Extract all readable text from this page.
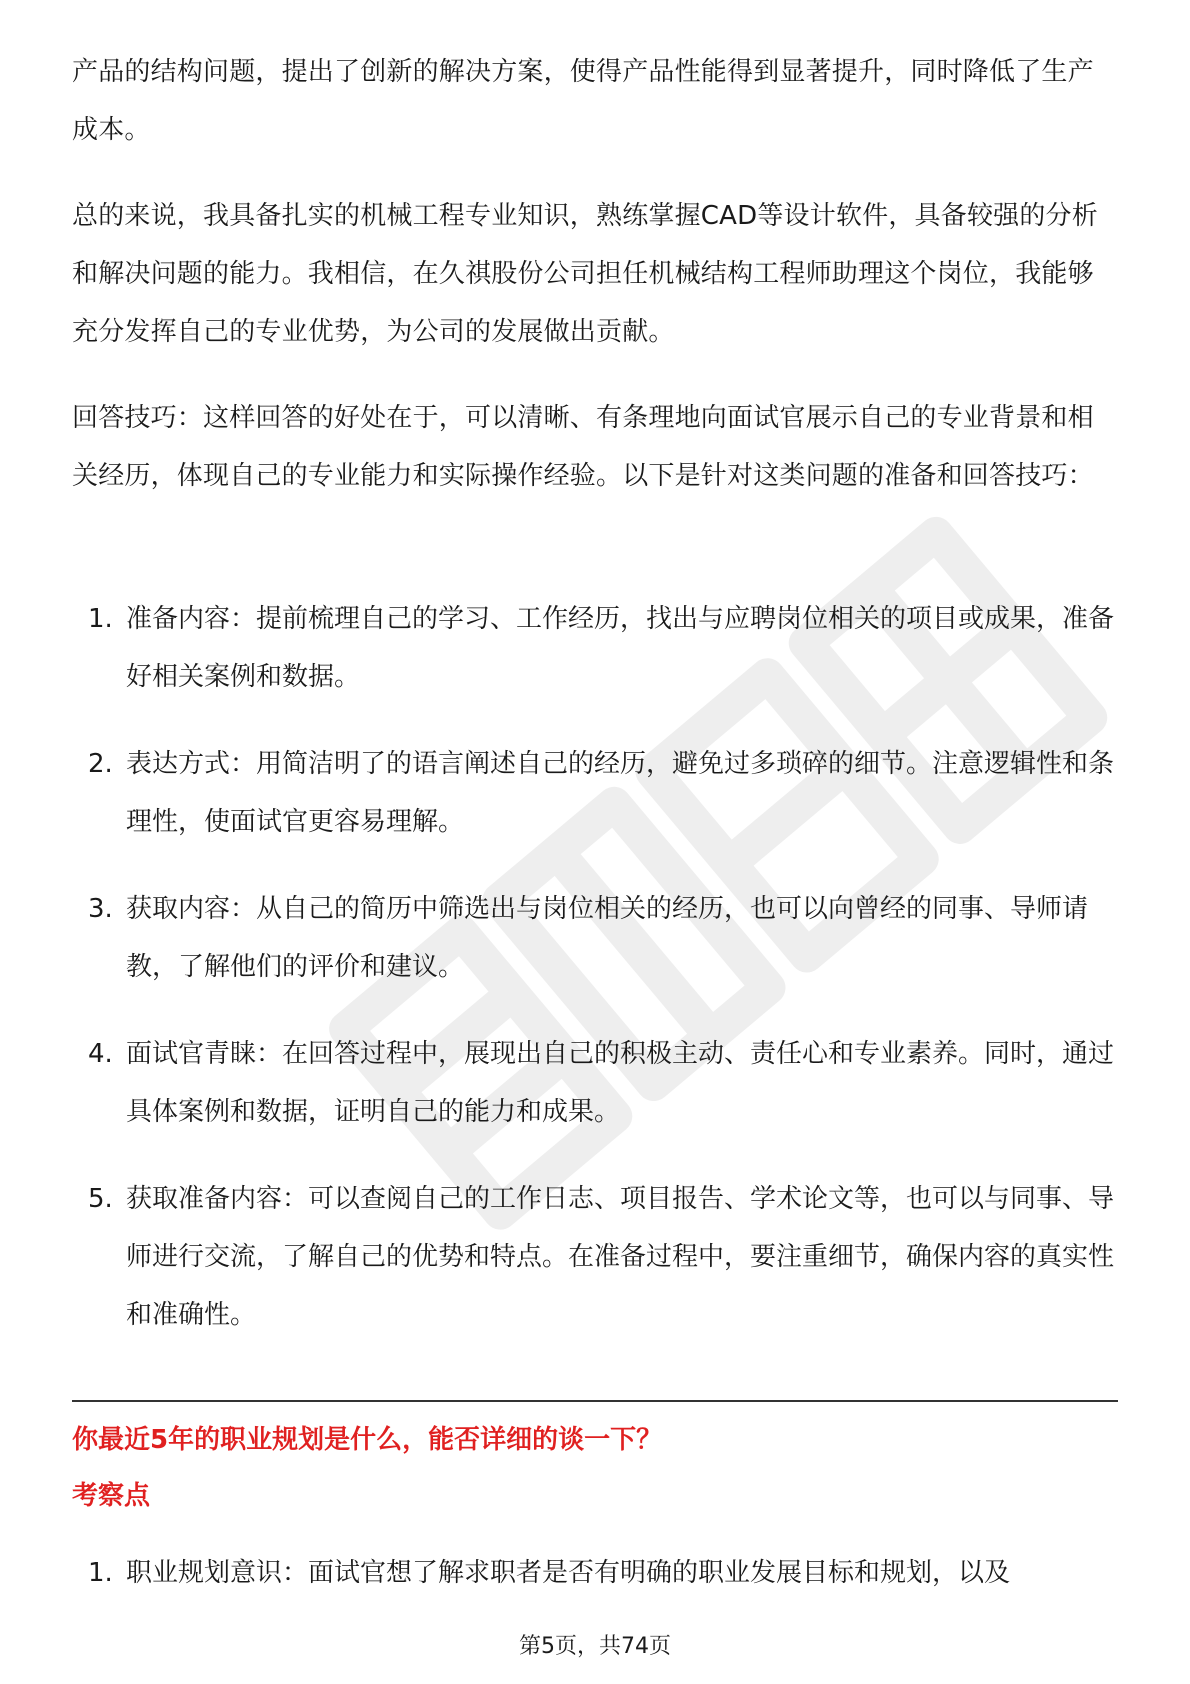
产品的结构问题，提出了创新的解决方案，使得产品性能得到显著提升，同时降低了生产成本。

总的来说，我具备扎实的机械工程专业知识，熟练掌握CAD等设计软件，具备较强的分析和解决问题的能力。我相信，在久祺股份公司担任机械结构工程师助理这个岗位，我能够充分发挥自己的专业优势，为公司的发展做出贡献。

回答技巧：这样回答的好处在于，可以清晰、有条理地向面试官展示自己的专业背景和相关经历，体现自己的专业能力和实际操作经验。以下是针对这类问题的准备和回答技巧：

1. 准备内容：提前梳理自己的学习、工作经历，找出与应聘岗位相关的项目或成果，准备好相关案例和数据。
2. 表达方式：用简洁明了的语言阐述自己的经历，避免过多琐碎的细节。注意逻辑性和条理性，使面试官更容易理解。
3. 获取内容：从自己的简历中筛选出与岗位相关的经历，也可以向曾经的同事、导师请教，了解他们的评价和建议。
4. 面试官青睐：在回答过程中，展现出自己的积极主动、责任心和专业素养。同时，通过具体案例和数据，证明自己的能力和成果。
5. 获取准备内容：可以查阅自己的工作日志、项目报告、学术论文等，也可以与同事、导师进行交流，了解自己的优势和特点。在准备过程中，要注重细节，确保内容的真实性和准确性。
你最近5年的职业规划是什么，能否详细的谈一下？
考察点
1. 职业规划意识：面试官想了解求职者是否有明确的职业发展目标和规划，以及
第5页，共74页
